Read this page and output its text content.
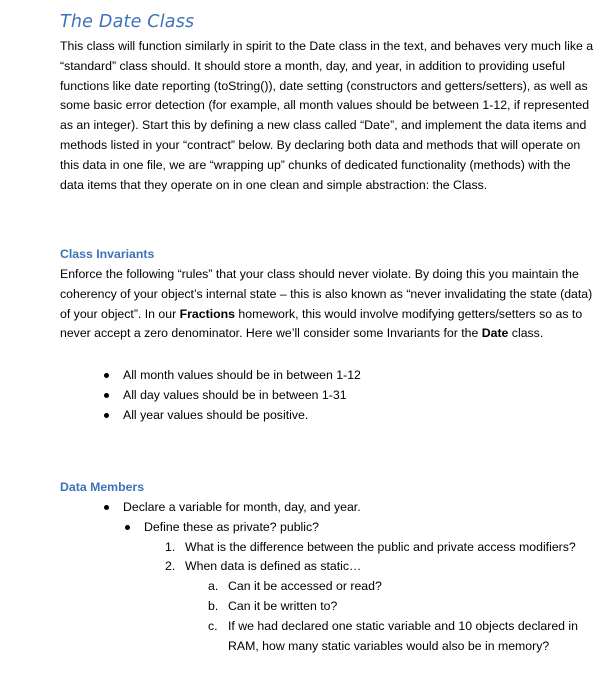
The Date Class

This class will function similarly in spirit to the Date class in the text, and behaves very much like a “standard” class should. It should store a month, day, and year, in addition to providing useful functions like date reporting (toString()), date setting (constructors and getters/setters), as well as some basic error detection (for example, all month values should be between 1-12, if represented as an integer). Start this by defining a new class called “Date”, and implement the data items and methods listed in your “contract” below. By declaring both data and methods that will operate on this data in one file, we are “wrapping up” chunks of dedicated functionality (methods) with the data items that they operate on in one clean and simple abstraction: the Class.

Class Invariants

Enforce the following “rules” that your class should never violate. By doing this you maintain the coherency of your object’s internal state – this is also known as “never invalidating the state (data) of your object”. In our Fractions homework, this would involve modifying getters/setters so as to never accept a zero denominator. Here we’ll consider some Invariants for the Date class.

All month values should be in between 1-12
All day values should be in between 1-31
All year values should be positive.
Data Members
Declare a variable for month, day, and year.
Define these as private? public?
1. What is the difference between the public and private access modifiers?
2. When data is defined as static…
a. Can it be accessed or read?
b. Can it be written to?
c. If we had declared one static variable and 10 objects declared in RAM, how many static variables would also be in memory?
